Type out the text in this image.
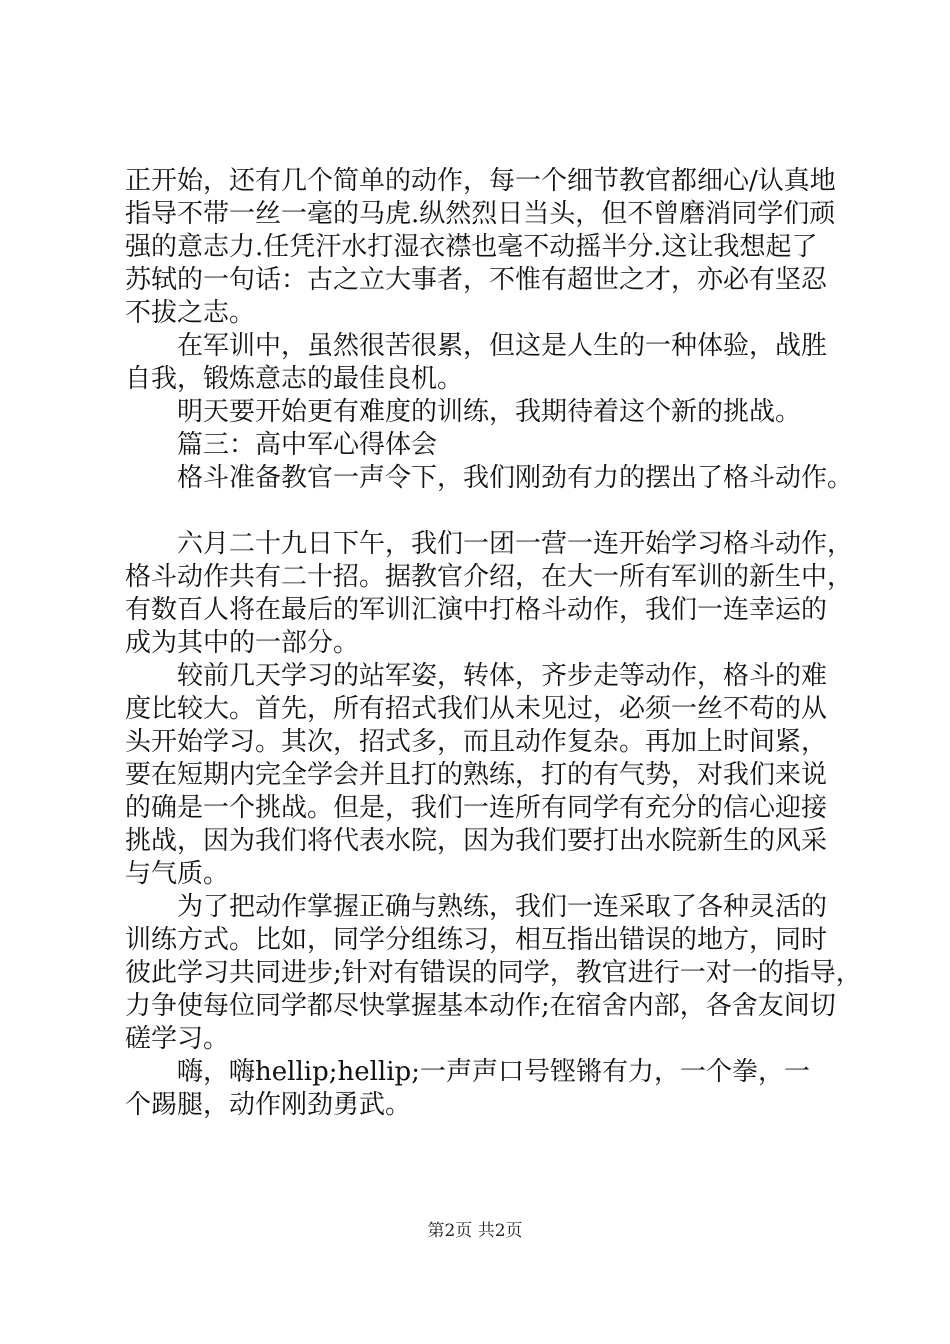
正开始，还有几个简单的动作，每一个细节教官都细心/认真地
指导不带一丝一毫的马虎.纵然烈日当头，但不曾磨消同学们顽
强的意志力.任凭汗水打湿衣襟也毫不动摇半分.这让我想起了
苏轼的一句话：古之立大事者，不惟有超世之才，亦必有坚忍
不拔之志。
在军训中，虽然很苦很累，但这是人生的一种体验，战胜
自我，锻炼意志的最佳良机。
明天要开始更有难度的训练，我期待着这个新的挑战。
篇三：高中军心得体会
格斗准备教官一声令下，我们刚劲有力的摆出了格斗动作。
六月二十九日下午，我们一团一营一连开始学习格斗动作，
格斗动作共有二十招。据教官介绍，在大一所有军训的新生中，
有数百人将在最后的军训汇演中打格斗动作，我们一连幸运的
成为其中的一部分。
较前几天学习的站军姿，转体，齐步走等动作，格斗的难
度比较大。首先，所有招式我们从未见过，必须一丝不苟的从
头开始学习。其次，招式多，而且动作复杂。再加上时间紧，
要在短期内完全学会并且打的熟练，打的有气势，对我们来说
的确是一个挑战。但是，我们一连所有同学有充分的信心迎接
挑战，因为我们将代表水院，因为我们要打出水院新生的风采
与气质。
为了把动作掌握正确与熟练，我们一连采取了各种灵活的
训练方式。比如，同学分组练习，相互指出错误的地方，同时
彼此学习共同进步;针对有错误的同学，教官进行一对一的指导，
力争使每位同学都尽快掌握基本动作;在宿舍内部，各舍友间切
磋学习。
嗨，嗨hellip;hellip;一声声口号铿锵有力，一个拳，一
个踢腿，动作刚劲勇武。
第2页 共2页
